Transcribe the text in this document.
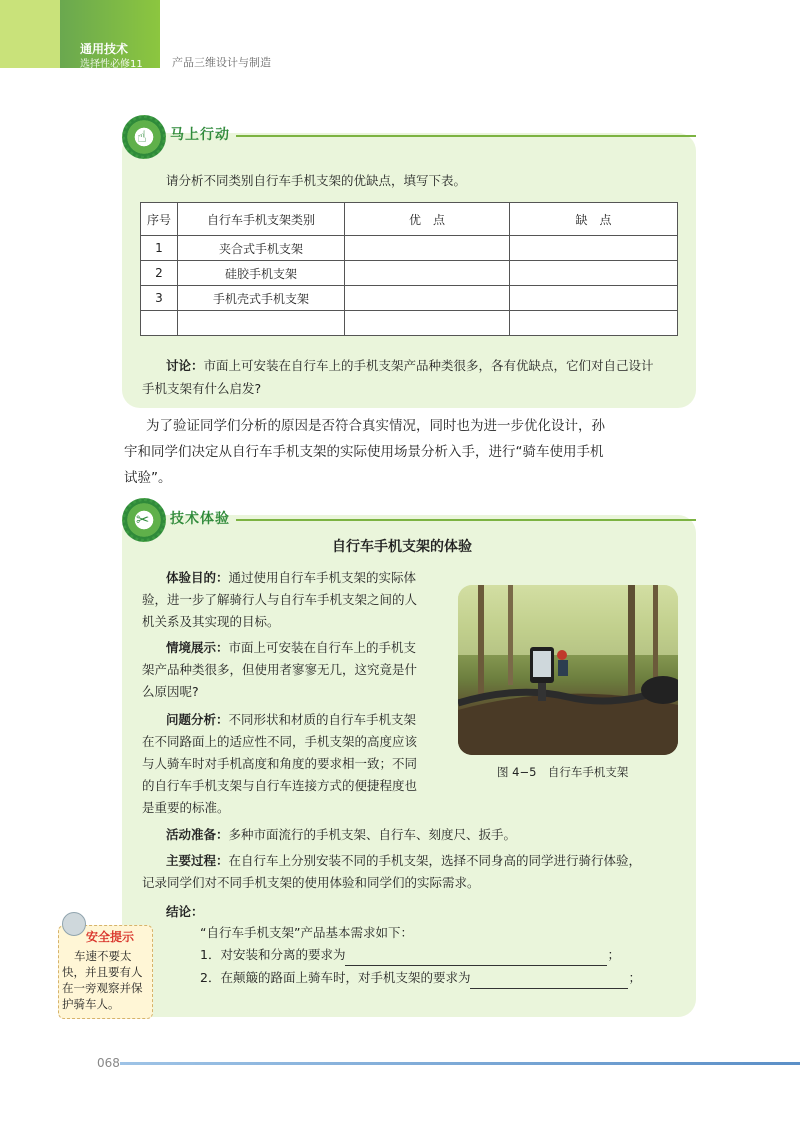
通用技术
选择性必修11	产品三维设计与制造
☝ 马上行动
请分析不同类别自行车手机支架的优缺点，填写下表。
序号	自行车手机支架类别	优　点	缺　点
1	夹合式手机支架		
2	硅胶手机支架		
3	手机壳式手机支架		

讨论：市面上可安装在自行车上的手机支架产品种类很多，各有优缺点，它们对自己设计
手机支架有什么启发?
为了验证同学们分析的原因是否符合真实情况，同时也为进一步优化设计，孙
宇和同学们决定从自行车手机支架的实际使用场景分析入手，进行“骑车使用手机
试验”。
✂ 技术体验
自行车手机支架的体验
体验目的：通过使用自行车手机支架的实际体
验，进一步了解骑行人与自行车手机支架之间的人
机关系及其实现的目标。
情境展示：市面上可安装在自行车上的手机支
架产品种类很多，但使用者寥寥无几，这究竟是什
么原因呢?
问题分析：不同形状和材质的自行车手机支架
在不同路面上的适应性不同，手机支架的高度应该
与人骑车时对手机高度和角度的要求相一致；不同
的自行车手机支架与自行车连接方式的便捷程度也
是重要的标准。
图 4−5　自行车手机支架
活动准备：多种市面流行的手机支架、自行车、刻度尺、扳手。
主要过程：在自行车上分别安装不同的手机支架，选择不同身高的同学进行骑行体验，
记录同学们对不同手机支架的使用体验和同学们的实际需求。
结论：
“自行车手机支架”产品基本需求如下：
1．对安装和分离的要求为	；
2．在颠簸的路面上骑车时，对手机支架的要求为	；
安全提示
车速不要太
快，并且要有人
在一旁观察并保
护骑车人。
068
